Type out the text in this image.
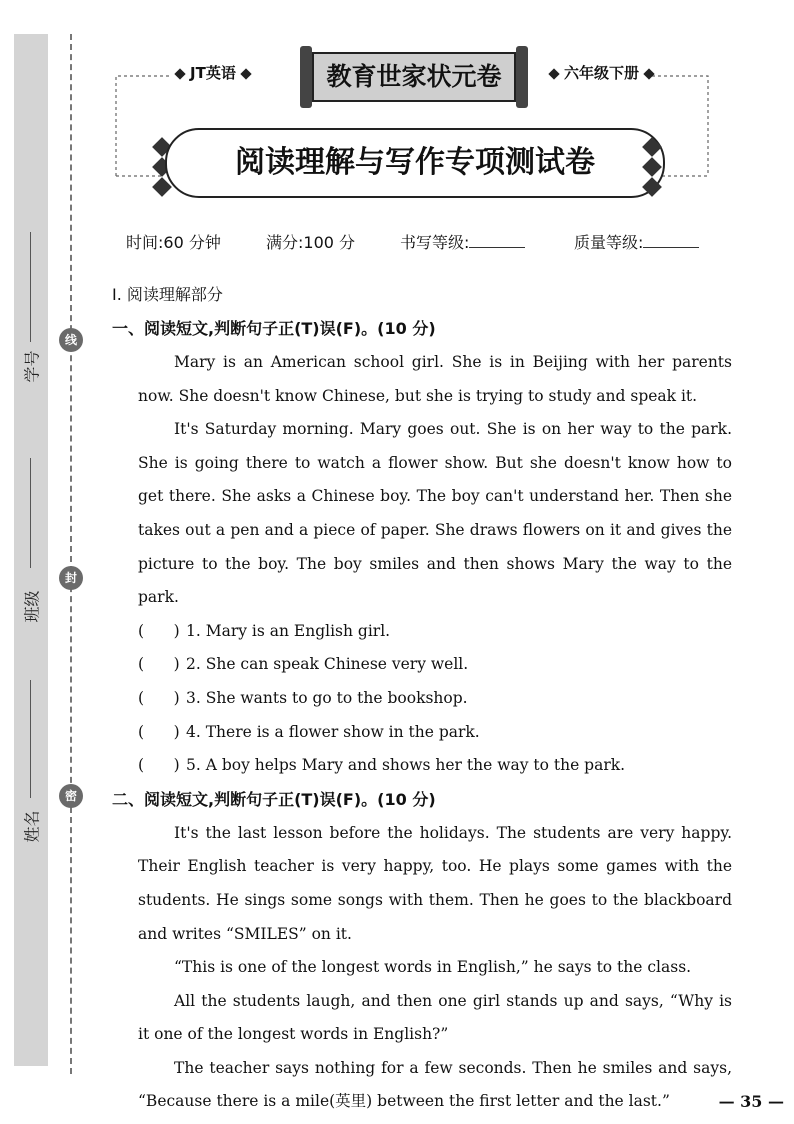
学号
班级
姓名
线
封
密
JT英语	教育世家状元卷	六年级下册
阅读理解与写作专项测试卷
时间:60 分钟	满分:100 分	书写等级:	质量等级:

Ⅰ. 阅读理解部分

一、阅读短文,判断句子正(T)误(F)。(10 分)

Mary is an American school girl. She is in Beijing with her parents now. She doesn't know Chinese, but she is trying to study and speak it.

It's Saturday morning. Mary goes out. She is on her way to the park. She is going there to watch a flower show. But she doesn't know how to get there. She asks a Chinese boy. The boy can't understand her. Then she takes out a pen and a piece of paper. She draws flowers on it and gives the picture to the boy. The boy smiles and then shows Mary the way to the park.

(      ) 1. Mary is an English girl.

(      ) 2. She can speak Chinese very well.

(      ) 3. She wants to go to the bookshop.

(      ) 4. There is a flower show in the park.

(      ) 5. A boy helps Mary and shows her the way to the park.

二、阅读短文,判断句子正(T)误(F)。(10 分)

It's the last lesson before the holidays. The students are very happy. Their English teacher is very happy, too. He plays some games with the students. He sings some songs with them. Then he goes to the blackboard and writes “SMILES” on it.

“This is one of the longest words in English,” he says to the class.

All the students laugh, and then one girl stands up and says, “Why is it one of the longest words in English?”

The teacher says nothing for a few seconds. Then he smiles and says, “Because there is a mile(英里) between the first letter and the last.”	— 35 —
